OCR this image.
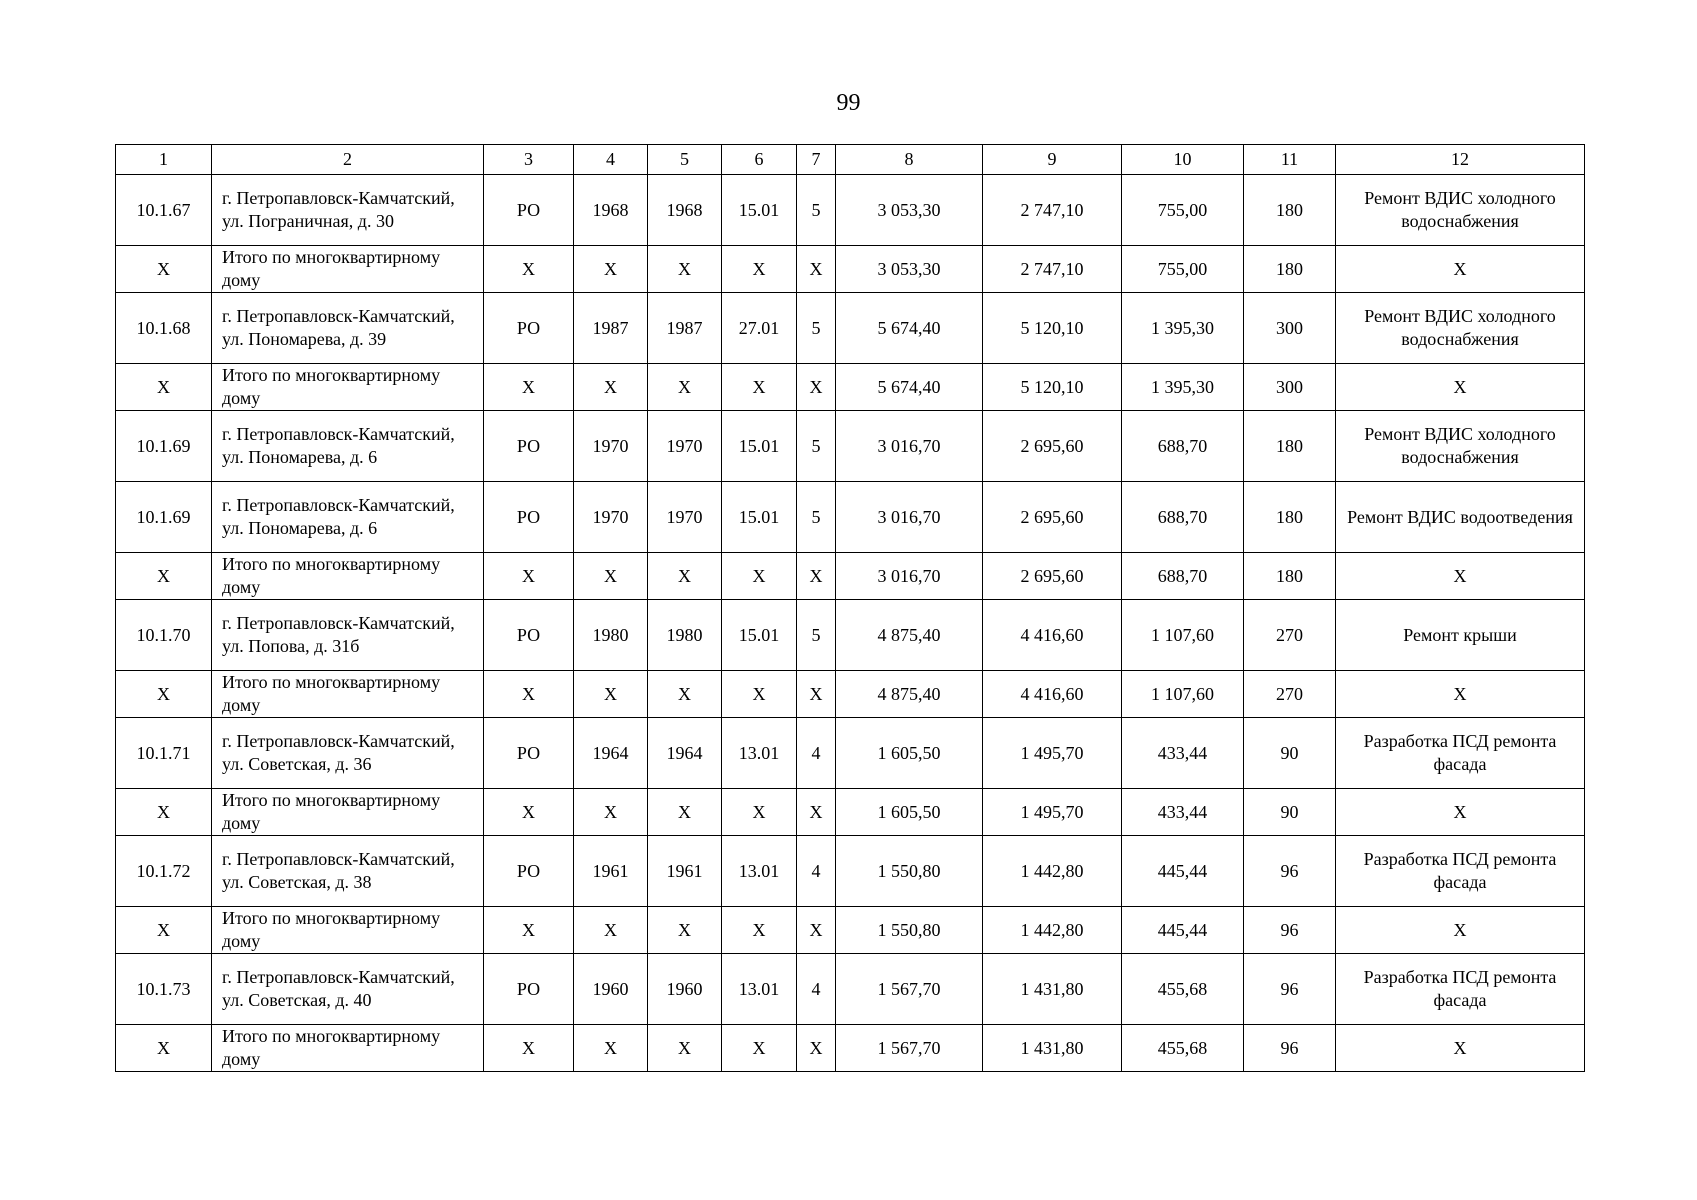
99
1	2	3	4	5	6	7	8	9	10	11	12
10.1.67	г. Петропавловск-Камчатский, ул. Пограничная, д. 30	РО	1968	1968	15.01	5	3 053,30	2 747,10	755,00	180	Ремонт ВДИС холодного водоснабжения
Х	Итого по многоквартирному дому	Х	Х	Х	Х	Х	3 053,30	2 747,10	755,00	180	Х
10.1.68	г. Петропавловск-Камчатский, ул. Пономарева, д. 39	РО	1987	1987	27.01	5	5 674,40	5 120,10	1 395,30	300	Ремонт ВДИС холодного водоснабжения
Х	Итого по многоквартирному дому	Х	Х	Х	Х	Х	5 674,40	5 120,10	1 395,30	300	Х
10.1.69	г. Петропавловск-Камчатский, ул. Пономарева, д. 6	РО	1970	1970	15.01	5	3 016,70	2 695,60	688,70	180	Ремонт ВДИС холодного водоснабжения
10.1.69	г. Петропавловск-Камчатский, ул. Пономарева, д. 6	РО	1970	1970	15.01	5	3 016,70	2 695,60	688,70	180	Ремонт ВДИС водоотведения
Х	Итого по многоквартирному дому	Х	Х	Х	Х	Х	3 016,70	2 695,60	688,70	180	Х
10.1.70	г. Петропавловск-Камчатский, ул. Попова, д. 31б	РО	1980	1980	15.01	5	4 875,40	4 416,60	1 107,60	270	Ремонт крыши
Х	Итого по многоквартирному дому	Х	Х	Х	Х	Х	4 875,40	4 416,60	1 107,60	270	Х
10.1.71	г. Петропавловск-Камчатский, ул. Советская, д. 36	РО	1964	1964	13.01	4	1 605,50	1 495,70	433,44	90	Разработка ПСД ремонта фасада
Х	Итого по многоквартирному дому	Х	Х	Х	Х	Х	1 605,50	1 495,70	433,44	90	Х
10.1.72	г. Петропавловск-Камчатский, ул. Советская, д. 38	РО	1961	1961	13.01	4	1 550,80	1 442,80	445,44	96	Разработка ПСД ремонта фасада
Х	Итого по многоквартирному дому	Х	Х	Х	Х	Х	1 550,80	1 442,80	445,44	96	Х
10.1.73	г. Петропавловск-Камчатский, ул. Советская, д. 40	РО	1960	1960	13.01	4	1 567,70	1 431,80	455,68	96	Разработка ПСД ремонта фасада
Х	Итого по многоквартирному дому	Х	Х	Х	Х	Х	1 567,70	1 431,80	455,68	96	Х
